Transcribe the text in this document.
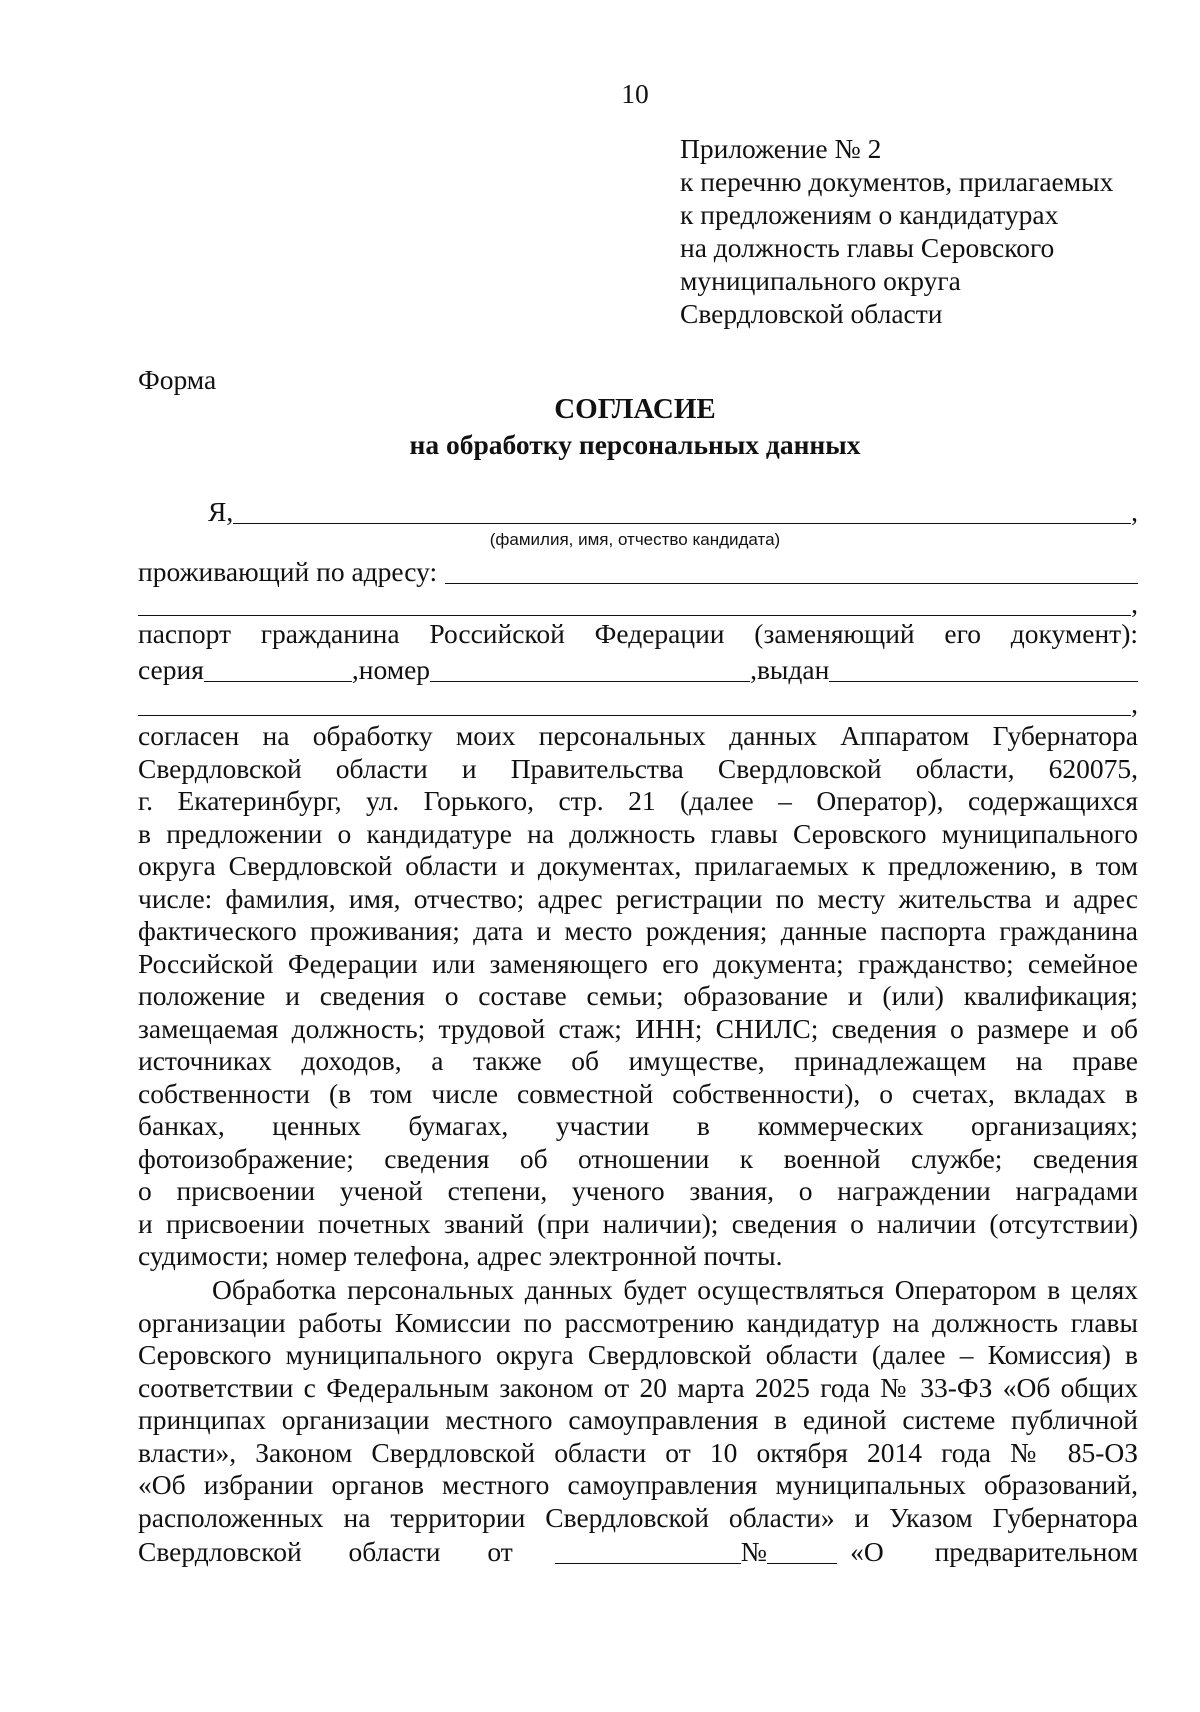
10
Приложение № 2
к перечню документов, прилагаемых
к предложениям о кандидатурах
на должность главы Серовского
муниципального округа
Свердловской области
Форма
СОГЛАСИЕ
на обработку персональных данных
Я,	,
(фамилия, имя, отчество кандидата)
проживающий по адресу:
,
паспорт гражданина Российской Федерации (заменяющий его документ):
серия	,номер	,выдан
,
согласен на обработку моих персональных данных Аппаратом Губернатора
Свердловской области и Правительства Свердловской области, 620075,
г. Екатеринбург, ул. Горького, стр. 21 (далее – Оператор), содержащихся
в предложении о кандидатуре на должность главы Серовского муниципального
округа Свердловской области и документах, прилагаемых к предложению, в том
числе: фамилия, имя, отчество; адрес регистрации по месту жительства и адрес
фактического проживания; дата и место рождения; данные паспорта гражданина
Российской Федерации или заменяющего его документа; гражданство; семейное
положение и сведения о составе семьи; образование и (или) квалификация;
замещаемая должность; трудовой стаж; ИНН; СНИЛС; сведения о размере и об
источниках доходов, а также об имуществе, принадлежащем на праве
собственности (в том числе совместной собственности), о счетах, вкладах в
банках, ценных бумагах, участии в коммерческих организациях;
фотоизображение; сведения об отношении к военной службе; сведения
о присвоении ученой степени, ученого звания, о награждении наградами
и присвоении почетных званий (при наличии); сведения о наличии (отсутствии)
судимости; номер телефона, адрес электронной почты.
Обработка персональных данных будет осуществляться Оператором в целях
организации работы Комиссии по рассмотрению кандидатур на должность главы
Серовского муниципального округа Свердловской области (далее – Комиссия) в
соответствии с Федеральным законом от 20 марта 2025 года № 33-ФЗ «Об общих
принципах организации местного самоуправления в единой системе публичной
власти», Законом Свердловской области от 10 октября 2014 года № 85-ОЗ
«Об избрании органов местного самоуправления муниципальных образований,
расположенных на территории Свердловской области» и Указом Губернатора
Свердловской области от	№	«О предварительном
